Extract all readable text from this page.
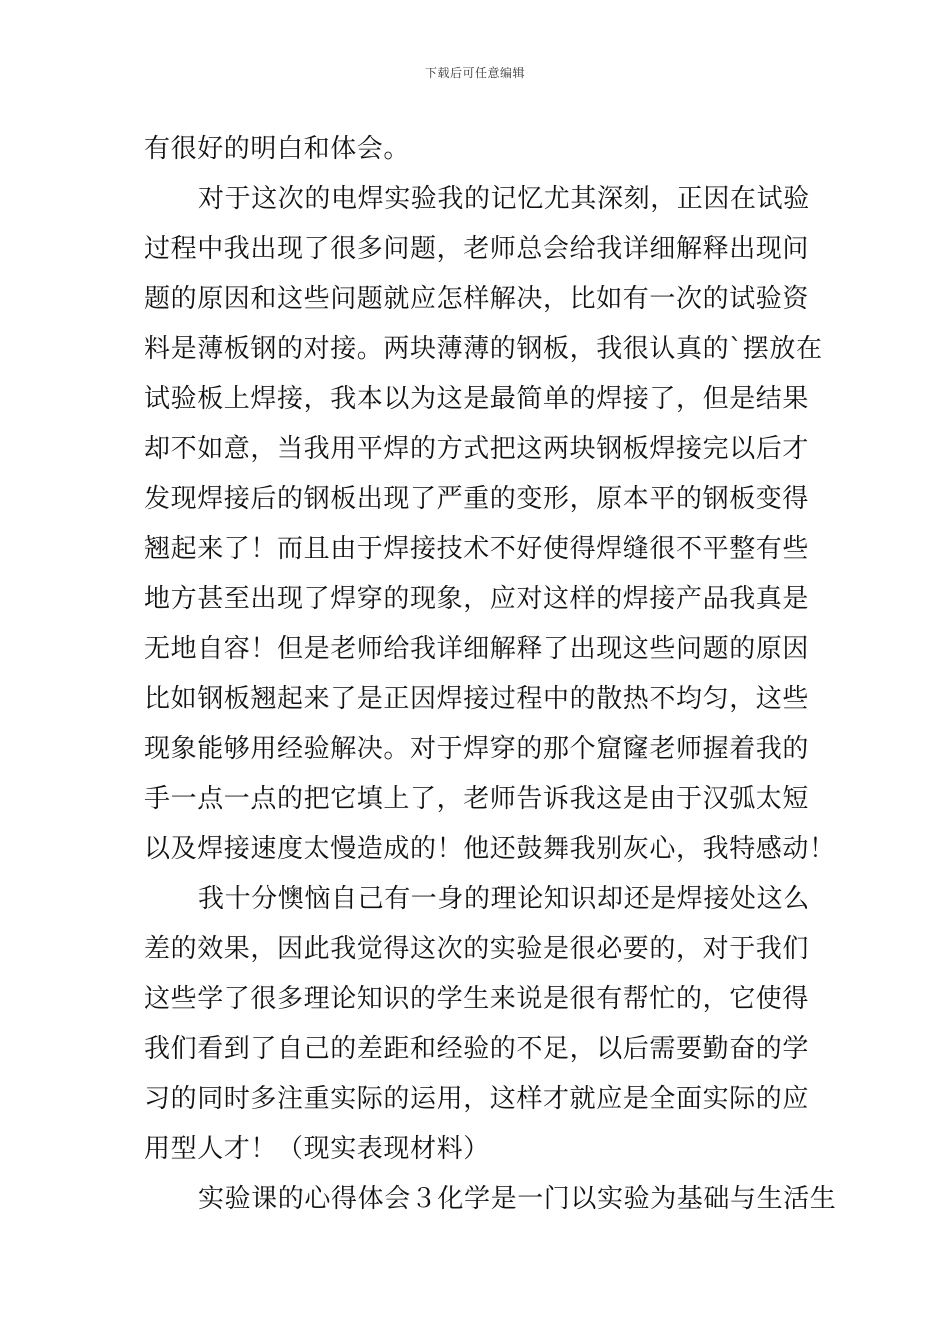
下载后可任意编辑
有很好的明白和体会。
对于这次的电焊实验我的记忆尤其深刻，正因在试验
过程中我出现了很多问题，老师总会给我详细解释出现问
题的原因和这些问题就应怎样解决，比如有一次的试验资
料是薄板钢的对接。两块薄薄的钢板，我很认真的`摆放在
试验板上焊接，我本以为这是最简单的焊接了，但是结果
却不如意，当我用平焊的方式把这两块钢板焊接完以后才
发现焊接后的钢板出现了严重的变形，原本平的钢板变得
翘起来了！而且由于焊接技术不好使得焊缝很不平整有些
地方甚至出现了焊穿的现象，应对这样的焊接产品我真是
无地自容！但是老师给我详细解释了出现这些问题的原因
比如钢板翘起来了是正因焊接过程中的散热不均匀，这些
现象能够用经验解决。对于焊穿的那个窟窿老师握着我的
手一点一点的把它填上了，老师告诉我这是由于汉弧太短
以及焊接速度太慢造成的！他还鼓舞我别灰心，我特感动！
我十分懊恼自己有一身的理论知识却还是焊接处这么
差的效果，因此我觉得这次的实验是很必要的，对于我们
这些学了很多理论知识的学生来说是很有帮忙的，它使得
我们看到了自己的差距和经验的不足，以后需要勤奋的学
习的同时多注重实际的运用，这样才就应是全面实际的应
用型人才！（现实表现材料）
实验课的心得体会３化学是一门以实验为基础与生活生
